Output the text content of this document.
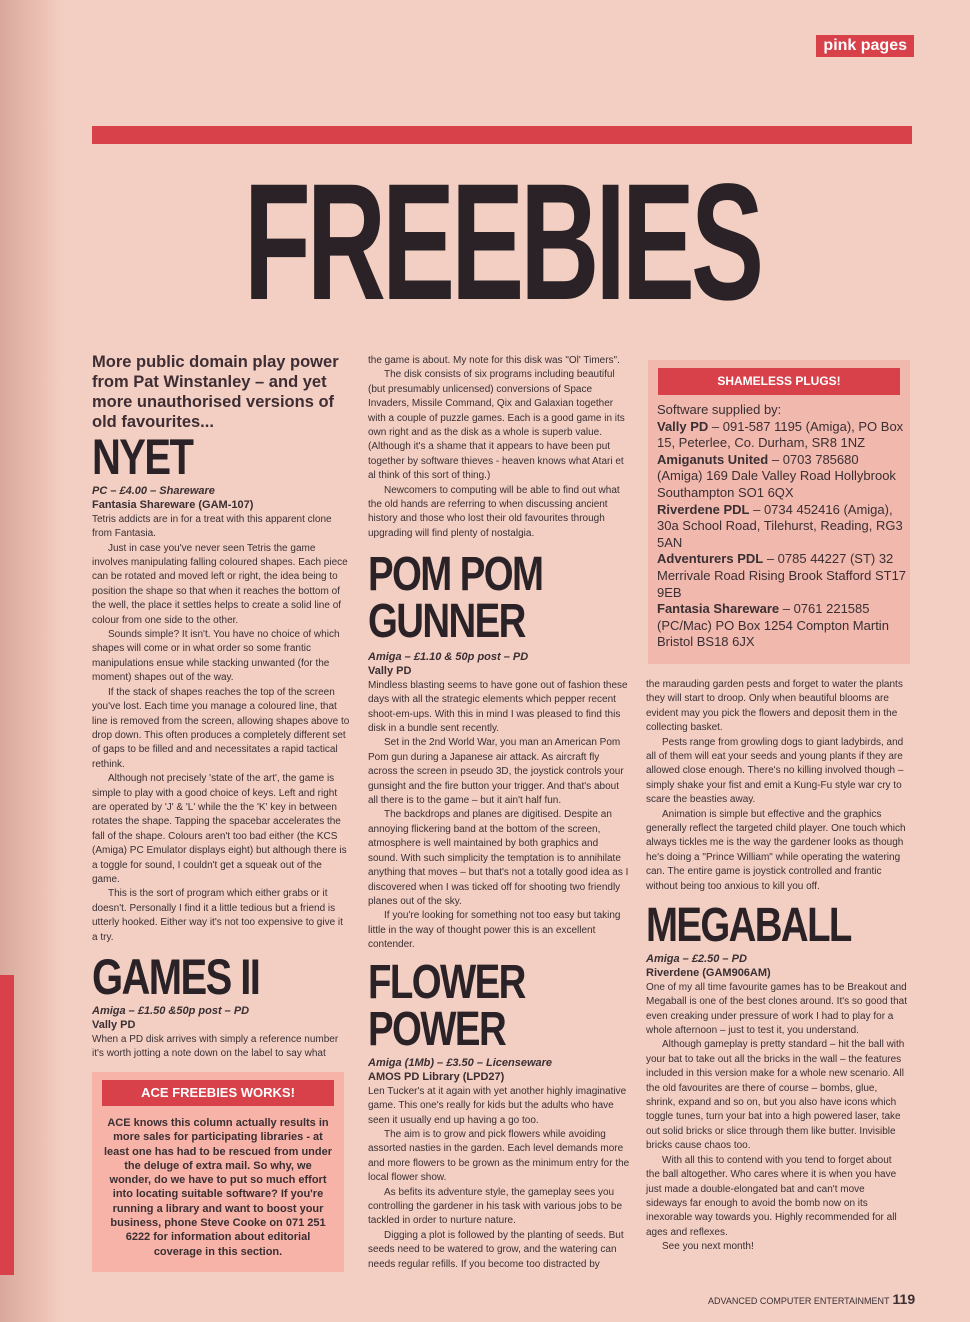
pink pages
FREEBIES
More public domain play power from Pat Winstanley – and yet more unauthorised versions of old favourites...
NYET
PC – £4.00 – Shareware
Fantasia Shareware (GAM-107)

Tetris addicts are in for a treat with this apparent clone from Fantasia.

Just in case you've never seen Tetris the game involves manipulating falling coloured shapes. Each piece can be rotated and moved left or right, the idea being to position the shape so that when it reaches the bottom of the well, the place it settles helps to create a solid line of colour from one side to the other.

Sounds simple? It isn't. You have no choice of which shapes will come or in what order so some frantic manipulations ensue while stacking unwanted (for the moment) shapes out of the way.

If the stack of shapes reaches the top of the screen you've lost. Each time you manage a coloured line, that line is removed from the screen, allowing shapes above to drop down. This often produces a completely different set of gaps to be filled and and necessitates a rapid tactical rethink.

Although not precisely 'state of the art', the game is simple to play with a good choice of keys. Left and right are operated by 'J' & 'L' while the the 'K' key in between rotates the shape. Tapping the spacebar accelerates the fall of the shape. Colours aren't too bad either (the KCS (Amiga) PC Emulator displays eight) but although there is a toggle for sound, I couldn't get a squeak out of the game.

This is the sort of program which either grabs or it doesn't. Personally I find it a little tedious but a friend is utterly hooked. Either way it's not too expensive to give it a try.

GAMES II
Amiga – £1.50 &50p post – PD
Vally PD

When a PD disk arrives with simply a reference number it's worth jotting a note down on the label to say what

ACE FREEBIES WORKS!
ACE knows this column actually results in more sales for participating libraries - at least one has had to be rescued from under the deluge of extra mail. So why, we wonder, do we have to put so much effort into locating suitable software? If you're running a library and want to boost your business, phone Steve Cooke on 071 251 6222 for information about editorial coverage in this section.

the game is about. My note for this disk was "Ol' Timers".

The disk consists of six programs including beautiful (but presumably unlicensed) conversions of Space Invaders, Missile Command, Qix and Galaxian together with a couple of puzzle games. Each is a good game in its own right and as the disk as a whole is superb value. (Although it's a shame that it appears to have been put together by software thieves - heaven knows what Atari et al think of this sort of thing.)

Newcomers to computing will be able to find out what the old hands are referring to when discussing ancient history and those who lost their old favourites through upgrading will find plenty of nostalgia.

POM POM
GUNNER
Amiga – £1.10 & 50p post – PD
Vally PD

Mindless blasting seems to have gone out of fashion these days with all the strategic elements which pepper recent shoot-em-ups. With this in mind I was pleased to find this disk in a bundle sent recently.

Set in the 2nd World War, you man an American Pom Pom gun during a Japanese air attack. As aircraft fly across the screen in pseudo 3D, the joystick controls your gunsight and the fire button your trigger. And that's about all there is to the game – but it ain't half fun.

The backdrops and planes are digitised. Despite an annoying flickering band at the bottom of the screen, atmosphere is well maintained by both graphics and sound. With such simplicity the temptation is to annihilate anything that moves – but that's not a totally good idea as I discovered when I was ticked off for shooting two friendly planes out of the sky.

If you're looking for something not too easy but taking little in the way of thought power this is an excellent contender.

FLOWER
POWER
Amiga (1Mb) – £3.50 – Licenseware
AMOS PD Library (LPD27)

Len Tucker's at it again with yet another highly imaginative game. This one's really for kids but the adults who have seen it usually end up having a go too.

The aim is to grow and pick flowers while avoiding assorted nasties in the garden. Each level demands more and more flowers to be grown as the minimum entry for the local flower show.

As befits its adventure style, the gameplay sees you controlling the gardener in his task with various jobs to be tackled in order to nurture nature.

Digging a plot is followed by the planting of seeds. But seeds need to be watered to grow, and the watering can needs regular refills. If you become too distracted by

SHAMELESS PLUGS!
Software supplied by:
Vally PD – 091-587 1195 (Amiga), PO Box 15, Peterlee, Co. Durham, SR8 1NZ
Amiganuts United – 0703 785680 (Amiga) 169 Dale Valley Road Hollybrook Southampton SO1 6QX
Riverdene PDL – 0734 452416 (Amiga), 30a School Road, Tilehurst, Reading, RG3 5AN
Adventurers PDL – 0785 44227 (ST) 32 Merrivale Road Rising Brook Stafford ST17 9EB
Fantasia Shareware – 0761 221585 (PC/Mac) PO Box 1254 Compton Martin Bristol BS18 6JX

the marauding garden pests and forget to water the plants they will start to droop. Only when beautiful blooms are evident may you pick the flowers and deposit them in the collecting basket.

Pests range from growling dogs to giant ladybirds, and all of them will eat your seeds and young plants if they are allowed close enough. There's no killing involved though – simply shake your fist and emit a Kung-Fu style war cry to scare the beasties away.

Animation is simple but effective and the graphics generally reflect the targeted child player. One touch which always tickles me is the way the gardener looks as though he's doing a "Prince William" while operating the watering can. The entire game is joystick controlled and frantic without being too anxious to kill you off.

MEGABALL
Amiga – £2.50 – PD
Riverdene (GAM906AM)

One of my all time favourite games has to be Breakout and Megaball is one of the best clones around. It's so good that even creaking under pressure of work I had to play for a whole afternoon – just to test it, you understand.

Although gameplay is pretty standard – hit the ball with your bat to take out all the bricks in the wall – the features included in this version make for a whole new scenario. All the old favourites are there of course – bombs, glue, shrink, expand and so on, but you also have icons which toggle tunes, turn your bat into a high powered laser, take out solid bricks or slice through them like butter. Invisible bricks cause chaos too.

With all this to contend with you tend to forget about the ball altogether. Who cares where it is when you have just made a double-elongated bat and can't move sideways far enough to avoid the bomb now on its inexorable way towards you. Highly recommended for all ages and reflexes.

See you next month!

ADVANCED COMPUTER ENTERTAINMENT 119
